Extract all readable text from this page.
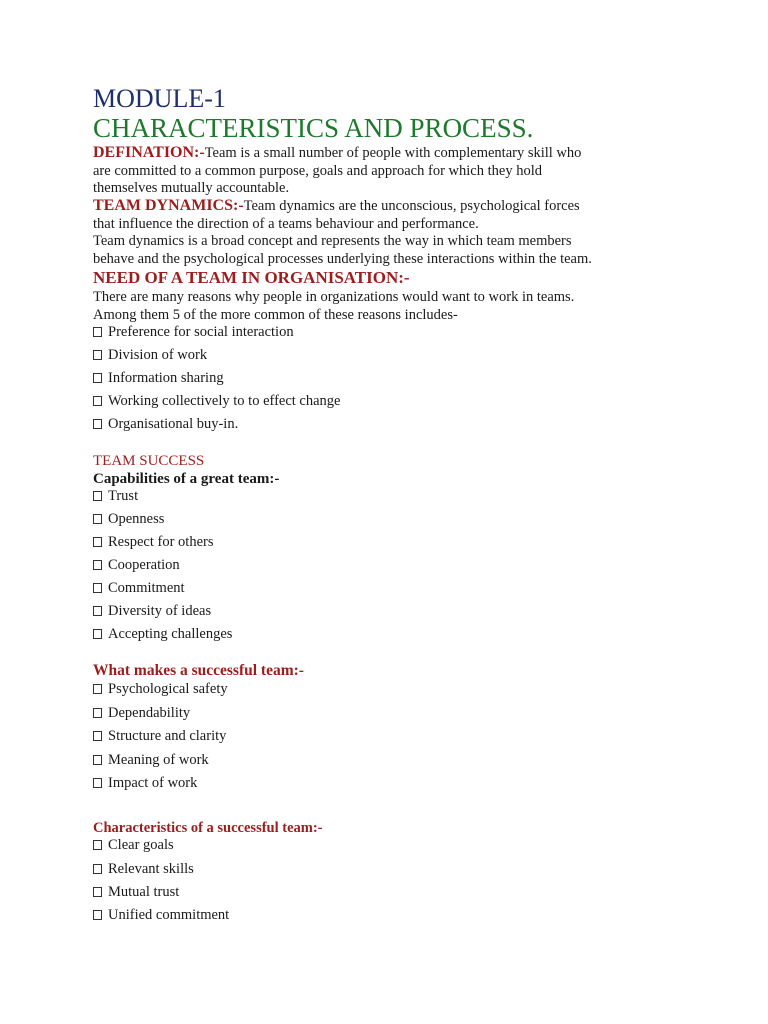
MODULE-1
CHARACTERISTICS AND PROCESS.
DEFINATION:-Team is a small number of people with complementary skill who
are committed to a common purpose, goals and approach for which they hold
themselves mutually accountable.
TEAM DYNAMICS:-Team dynamics are the unconscious, psychological forces
that influence the direction of a teams behaviour and performance.
Team dynamics is a broad concept and represents the way in which team members
behave and the psychological processes underlying these interactions within the team.
NEED OF A TEAM IN ORGANISATION:-
There are many reasons why people in organizations would want to work in teams.
Among them 5 of the more common of these reasons includes-
Preference for social interaction
Division of work
Information sharing
Working collectively to to effect change
Organisational buy-in.
TEAM SUCCESS
Capabilities of a great team:-
Trust
Openness
Respect for others
Cooperation
Commitment
Diversity of ideas
Accepting challenges
What makes a successful team:-
Psychological safety
Dependability
Structure and clarity
Meaning of work
Impact of work
Characteristics of a successful team:-
Clear goals
Relevant skills
Mutual trust
Unified commitment
